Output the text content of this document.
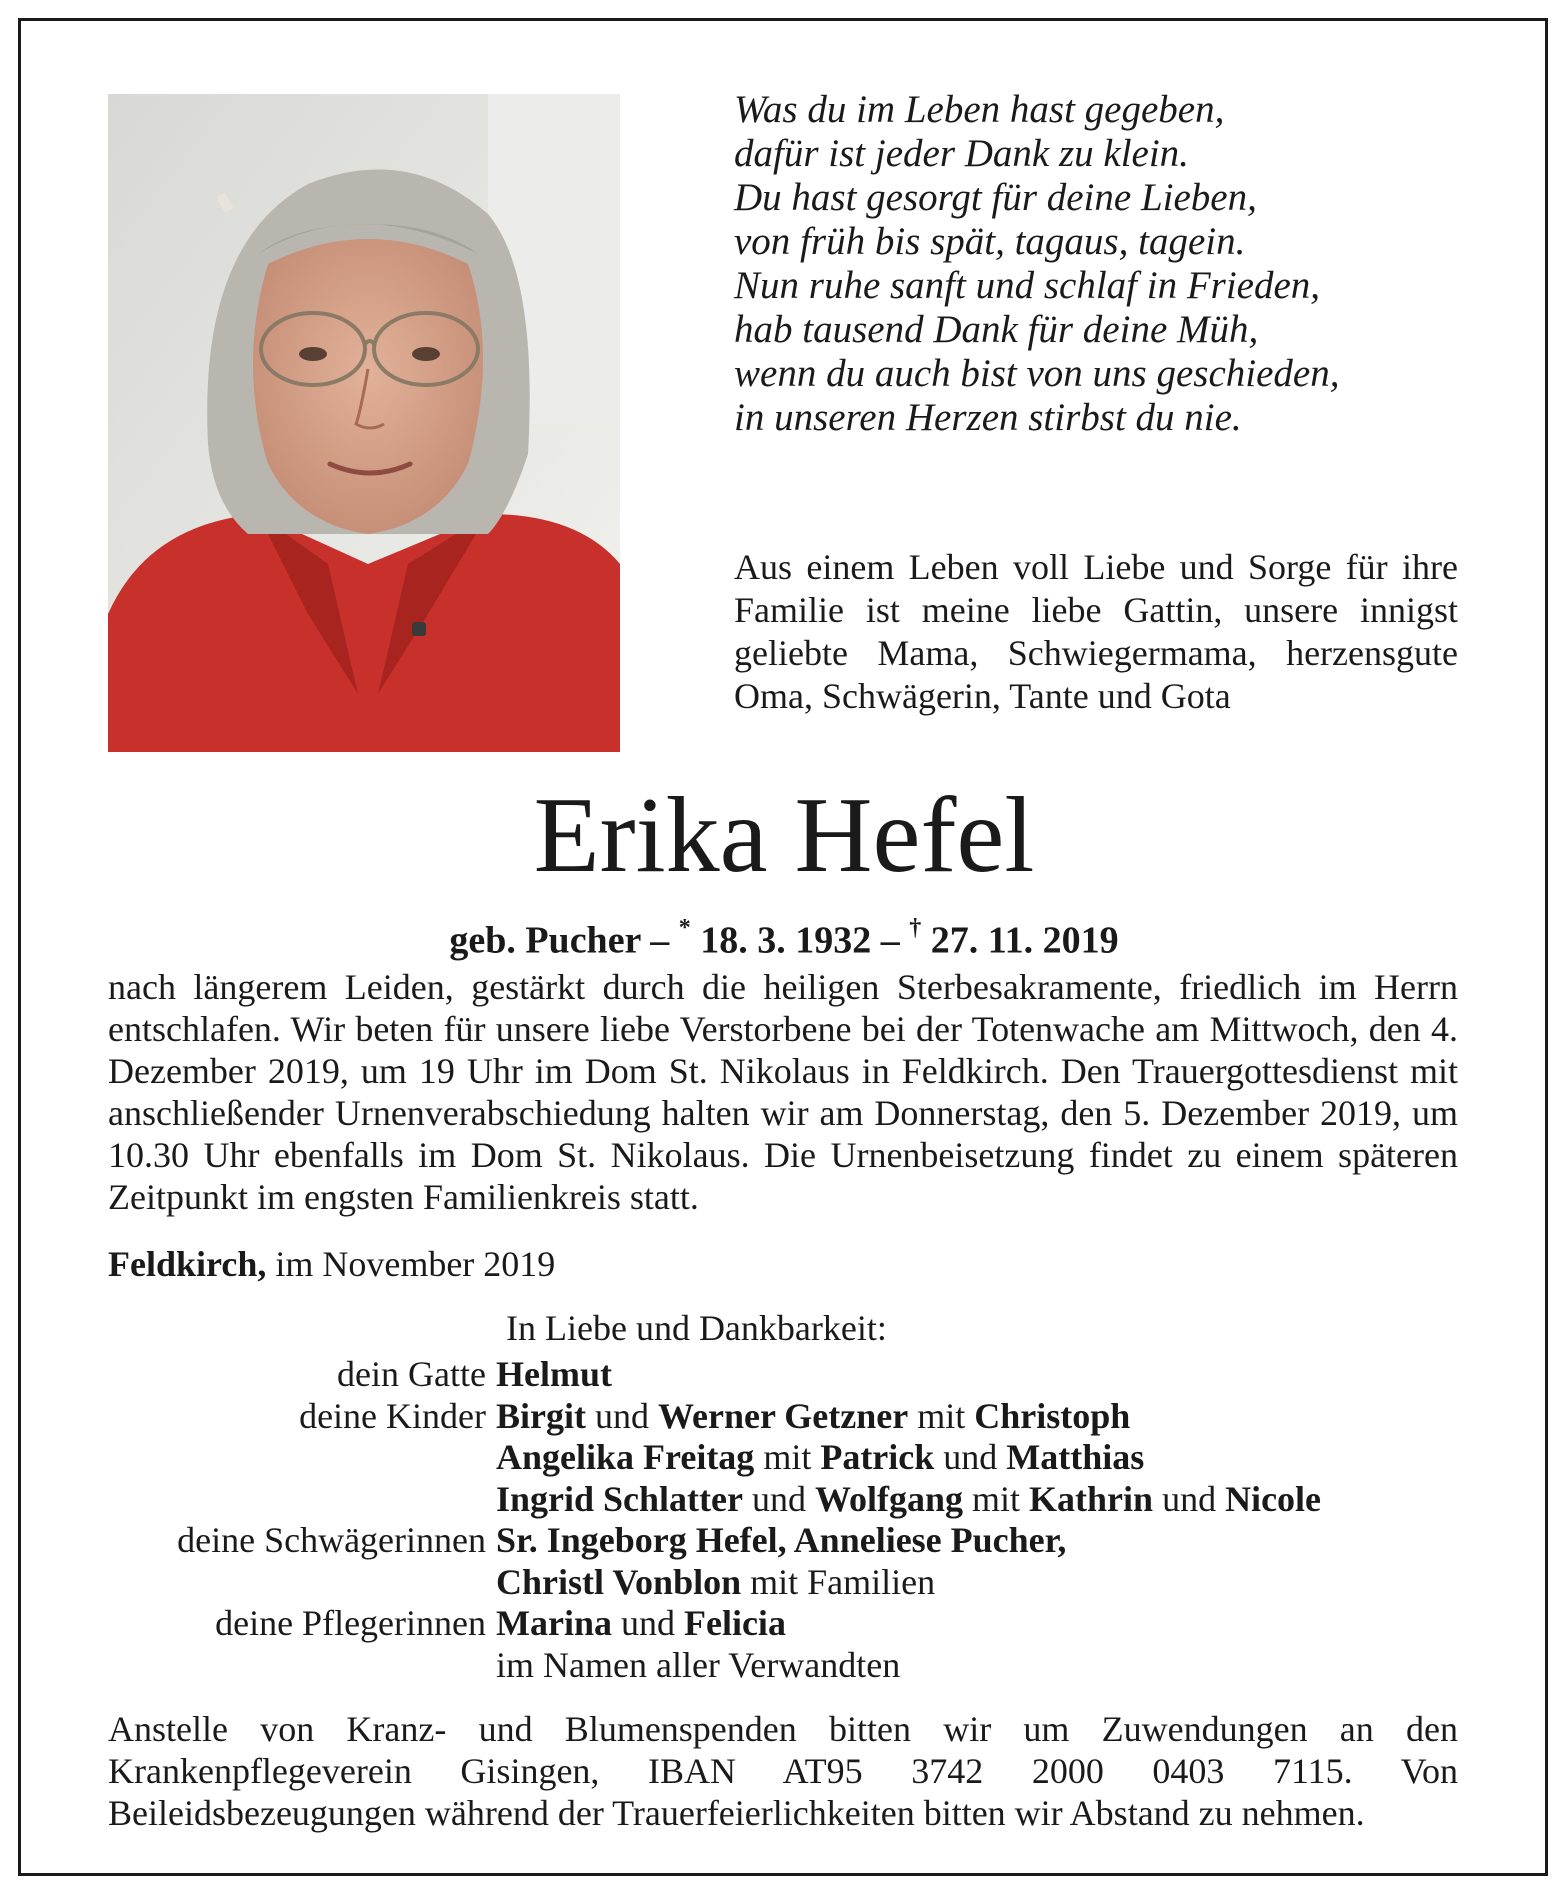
Was du im Leben hast gegeben,
dafür ist jeder Dank zu klein.
Du hast gesorgt für deine Lieben,
von früh bis spät, tagaus, tagein.
Nun ruhe sanft und schlaf in Frieden,
hab tausend Dank für deine Müh,
wenn du auch bist von uns geschieden,
in unseren Herzen stirbst du nie.

Aus einem Leben voll Liebe und Sorge für ihre Familie ist meine liebe Gattin, unsere innigst geliebte Mama, Schwiegermama, herzensgute Oma, Schwägerin, Tante und Gota

Erika Hefel
geb. Pucher – * 18. 3. 1932 – † 27. 11. 2019

nach längerem Leiden, gestärkt durch die heiligen Sterbesakramente, friedlich im Herrn entschlafen. Wir beten für unsere liebe Verstorbene bei der Totenwache am Mittwoch, den 4. Dezember 2019, um 19 Uhr im Dom St. Nikolaus in Feldkirch. Den Trauergottesdienst mit anschließender Urnenverabschiedung halten wir am Donnerstag, den 5. Dezember 2019, um 10.30 Uhr ebenfalls im Dom St. Nikolaus. Die Urnenbeisetzung findet zu einem späteren Zeitpunkt im engsten Familienkreis statt.

Feldkirch, im November 2019
In Liebe und Dankbarkeit:
dein Gatte Helmut
deine Kinder Birgit und Werner Getzner mit Christoph
Angelika Freitag mit Patrick und Matthias
Ingrid Schlatter und Wolfgang mit Kathrin und Nicole
deine Schwägerinnen Sr. Ingeborg Hefel, Anneliese Pucher,
Christl Vonblon mit Familien
deine Pflegerinnen Marina und Felicia
im Namen aller Verwandten

Anstelle von Kranz- und Blumenspenden bitten wir um Zuwendungen an den Krankenpflegeverein Gisingen, IBAN AT95 3742 2000 0403 7115. Von Beileidsbezeugungen während der Trauerfeierlichkeiten bitten wir Abstand zu nehmen.
